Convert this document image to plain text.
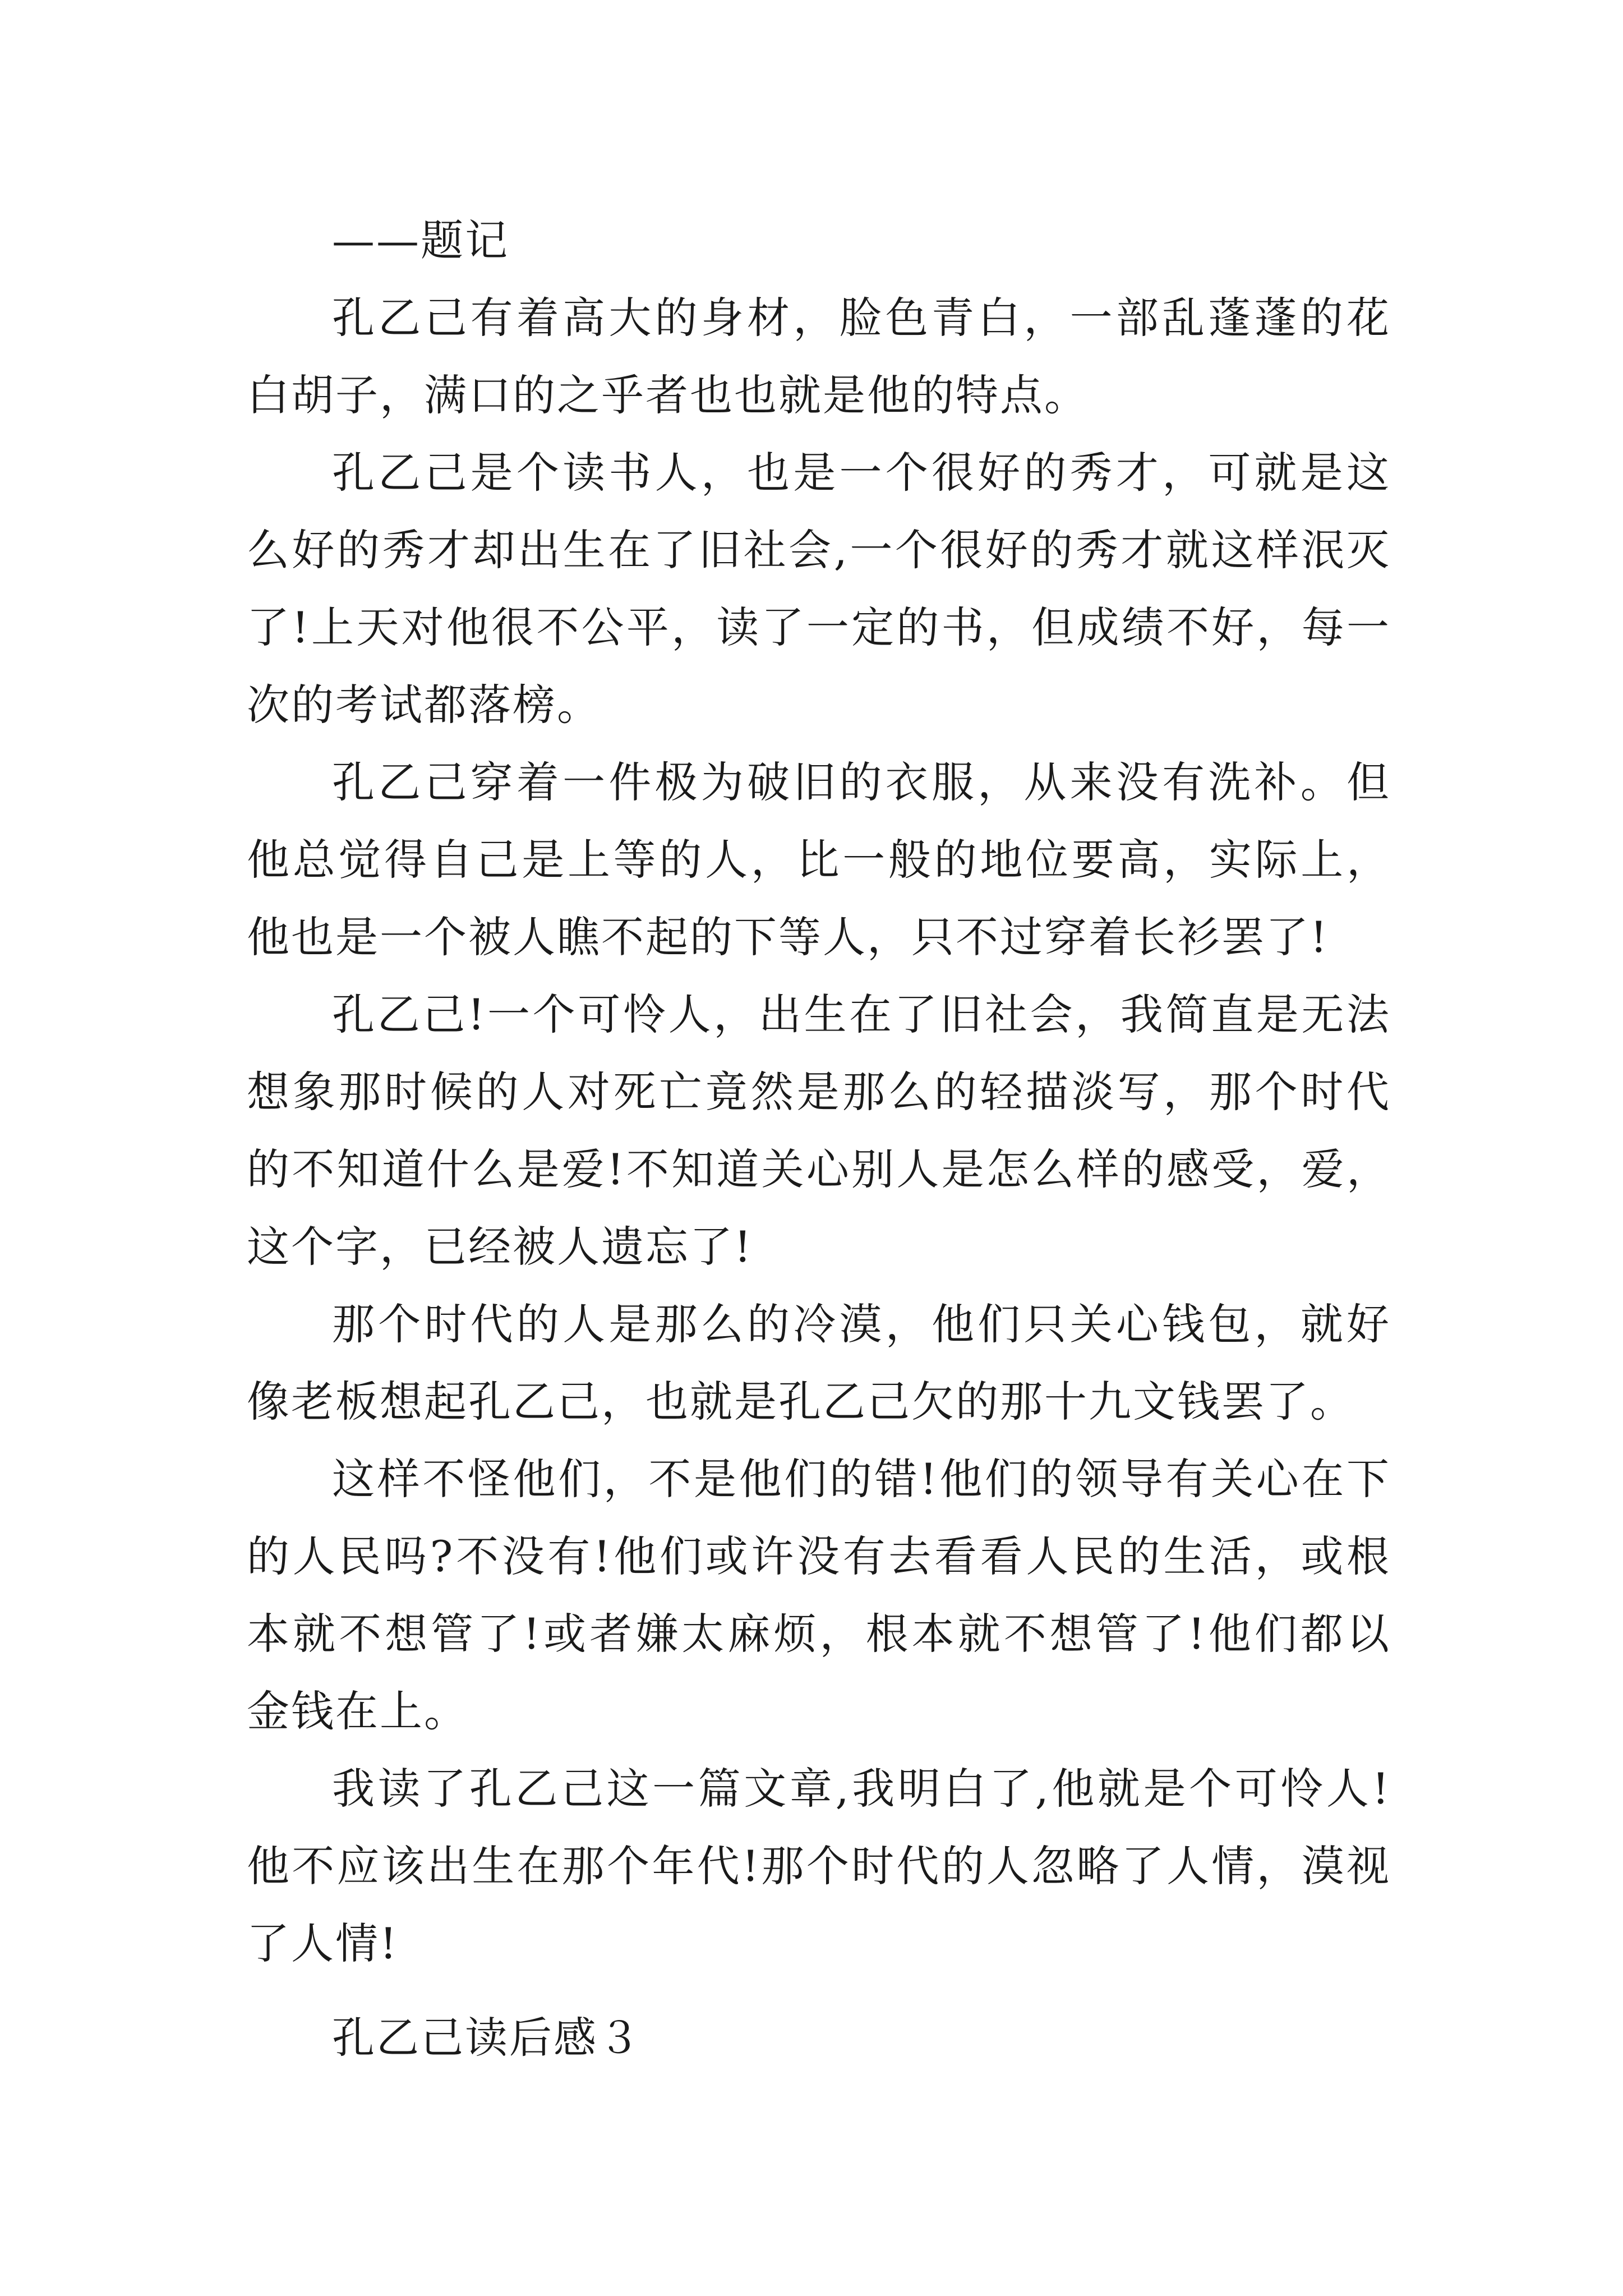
——题记

孔乙己有着高大的身材，脸色青白，一部乱蓬蓬的花白胡子，满口的之乎者也也就是他的特点。

孔乙己是个读书人，也是一个很好的秀才，可就是这么好的秀才却出生在了旧社会,一个很好的秀才就这样泯灭了!上天对他很不公平，读了一定的书，但成绩不好，每一次的考试都落榜。

孔乙己穿着一件极为破旧的衣服，从来没有洗补。但他总觉得自己是上等的人，比一般的地位要高，实际上，他也是一个被人瞧不起的下等人，只不过穿着长衫罢了!

孔乙己!一个可怜人，出生在了旧社会，我简直是无法想象那时候的人对死亡竟然是那么的轻描淡写，那个时代的不知道什么是爱!不知道关心别人是怎么样的感受，爱，这个字，已经被人遗忘了!

那个时代的人是那么的冷漠，他们只关心钱包，就好像老板想起孔乙己，也就是孔乙己欠的那十九文钱罢了。

这样不怪他们，不是他们的错!他们的领导有关心在下的人民吗?不没有!他们或许没有去看看人民的生活，或根本就不想管了!或者嫌太麻烦，根本就不想管了!他们都以金钱在上。

我读了孔乙己这一篇文章,我明白了,他就是个可怜人!他不应该出生在那个年代!那个时代的人忽略了人情，漠视了人情!

孔乙己读后感３
